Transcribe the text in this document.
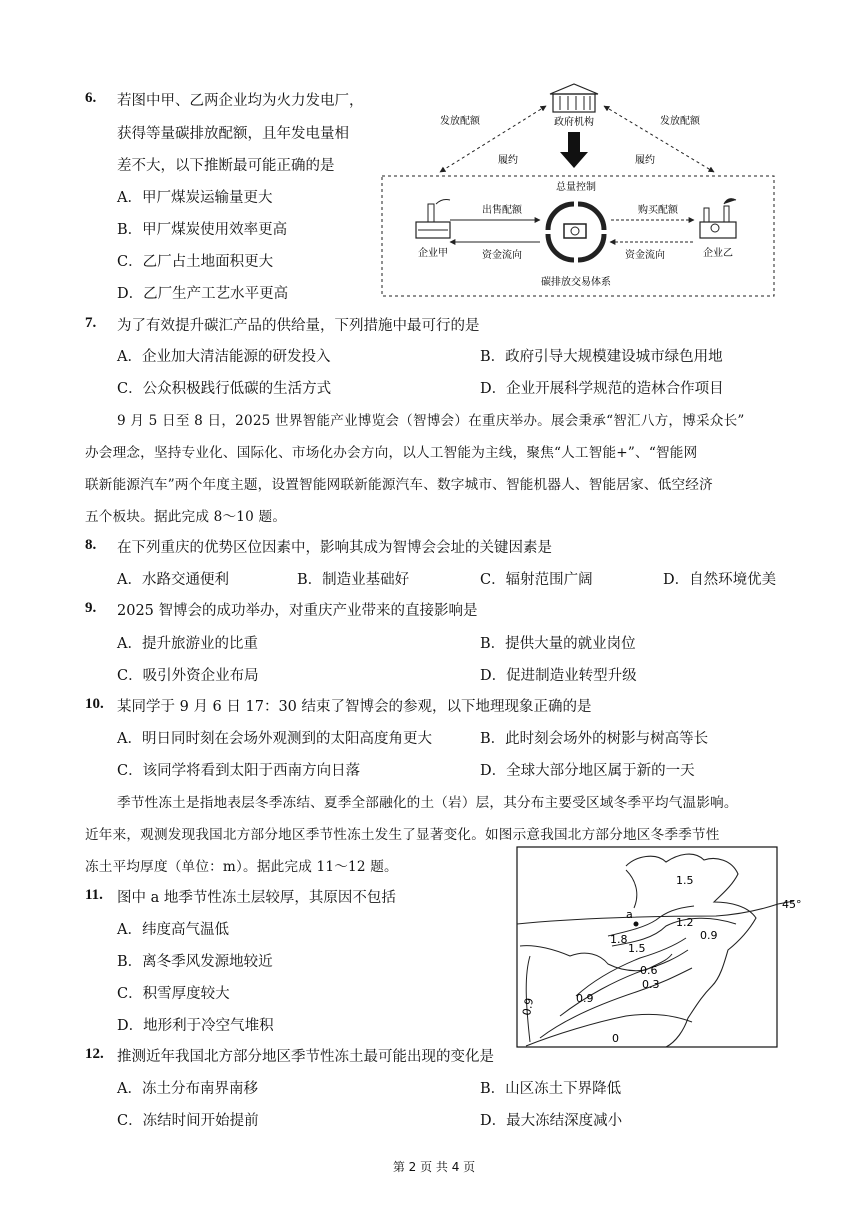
6. 若图中甲、乙两企业均为火力发电厂，
获得等量碳排放配额，且年发电量相
差不大，以下推断最可能正确的是
A．甲厂煤炭运输量更大
B．甲厂煤炭使用效率更高
C．乙厂占土地面积更大
D．乙厂生产工艺水平更高
政府机构
发放配额	发放配额
履约	履约
总量控制
出售配额
资金流向
购买配额
资金流向
企业甲	企业乙
碳排放交易体系
7. 为了有效提升碳汇产品的供给量，下列措施中最可行的是
A．企业加大清洁能源的研发投入	B．政府引导大规模建设城市绿色用地
C．公众积极践行低碳的生活方式	D．企业开展科学规范的造林合作项目
9 月 5 日至 8 日，2025 世界智能产业博览会（智博会）在重庆举办。展会秉承“智汇八方，博采众长”
办会理念，坚持专业化、国际化、市场化办会方向，以人工智能为主线，聚焦“人工智能+”、“智能网
联新能源汽车”两个年度主题，设置智能网联新能源汽车、数字城市、智能机器人、智能居家、低空经济
五个板块。据此完成 8～10 题。
8. 在下列重庆的优势区位因素中，影响其成为智博会会址的关键因素是
A．水路交通便利	B．制造业基础好	C．辐射范围广阔	D．自然环境优美
9. 2025 智博会的成功举办，对重庆产业带来的直接影响是
A．提升旅游业的比重	B．提供大量的就业岗位
C．吸引外资企业布局	D．促进制造业转型升级
10. 某同学于 9 月 6 日 17：30 结束了智博会的参观，以下地理现象正确的是
A．明日同时刻在会场外观测到的太阳高度角更大	B．此时刻会场外的树影与树高等长
C．该同学将看到太阳于西南方向日落	D．全球大部分地区属于新的一天
季节性冻土是指地表层冬季冻结、夏季全部融化的土（岩）层，其分布主要受区域冬季平均气温影响。
近年来，观测发现我国北方部分地区季节性冻土发生了显著变化。如图示意我国北方部分地区冬季季节性
冻土平均厚度（单位：m）。据此完成 11～12 题。
45°
a
1.5
1.2
0.9
1.8
1.5
0.6
0.3
0.9
0.9
0
11. 图中 a 地季节性冻土层较厚，其原因不包括
A．纬度高气温低
B．离冬季风发源地较近
C．积雪厚度较大
D．地形利于冷空气堆积
12. 推测近年我国北方部分地区季节性冻土最可能出现的变化是
A．冻土分布南界南移	B．山区冻土下界降低
C．冻结时间开始提前	D．最大冻结深度减小
第 2 页 共 4 页
